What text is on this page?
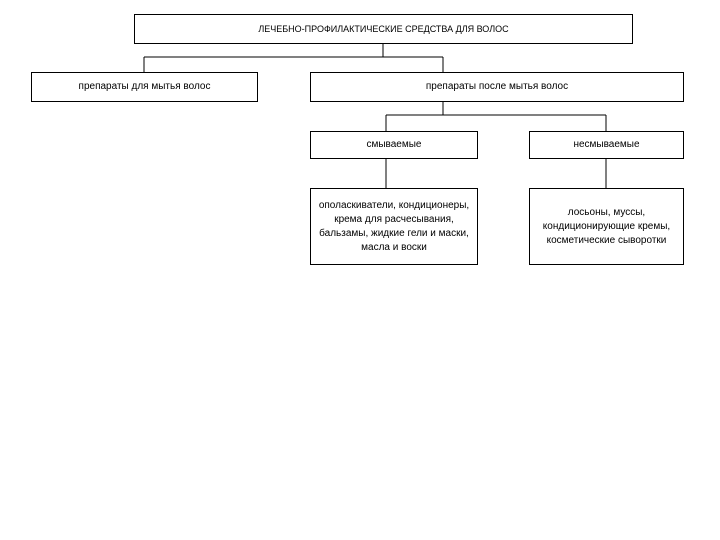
ЛЕЧЕБНО-ПРОФИЛАКТИЧЕСКИЕ СРЕДСТВА ДЛЯ ВОЛОС
препараты для мытья волос	препараты после мытья волос
смываемые	несмываемые
ополаскиватели, кондиционеры, крема для расчесывания, бальзамы, жидкие гели и маски, масла и воски
лосьоны, муссы, кондиционирующие кремы, косметические сыворотки
